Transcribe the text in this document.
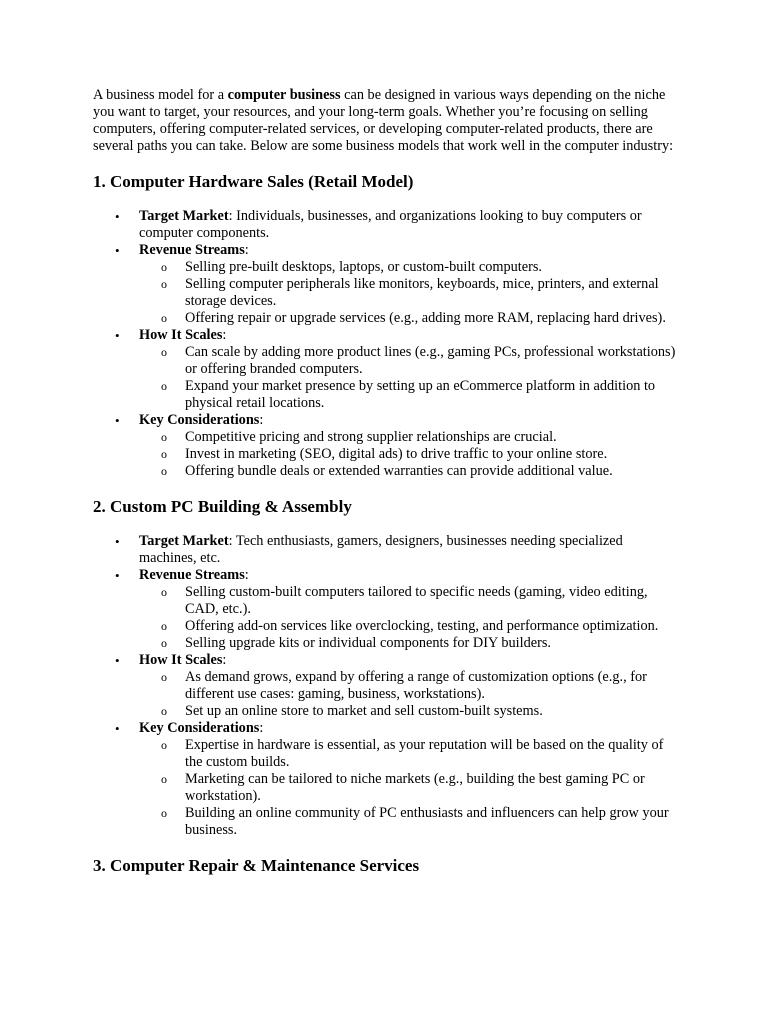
A business model for a computer business can be designed in various ways depending on the niche you want to target, your resources, and your long-term goals. Whether you’re focusing on selling computers, offering computer-related services, or developing computer-related products, there are several paths you can take. Below are some business models that work well in the computer industry:

1. Computer Hardware Sales (Retail Model)
• Target Market: Individuals, businesses, and organizations looking to buy computers or computer components.
• Revenue Streams:
o Selling pre-built desktops, laptops, or custom-built computers.
o Selling computer peripherals like monitors, keyboards, mice, printers, and external storage devices.
o Offering repair or upgrade services (e.g., adding more RAM, replacing hard drives).
• How It Scales:
o Can scale by adding more product lines (e.g., gaming PCs, professional workstations) or offering branded computers.
o Expand your market presence by setting up an eCommerce platform in addition to physical retail locations.
• Key Considerations:
o Competitive pricing and strong supplier relationships are crucial.
o Invest in marketing (SEO, digital ads) to drive traffic to your online store.
o Offering bundle deals or extended warranties can provide additional value.
2. Custom PC Building & Assembly
• Target Market: Tech enthusiasts, gamers, designers, businesses needing specialized machines, etc.
• Revenue Streams:
o Selling custom-built computers tailored to specific needs (gaming, video editing, CAD, etc.).
o Offering add-on services like overclocking, testing, and performance optimization.
o Selling upgrade kits or individual components for DIY builders.
• How It Scales:
o As demand grows, expand by offering a range of customization options (e.g., for different use cases: gaming, business, workstations).
o Set up an online store to market and sell custom-built systems.
• Key Considerations:
o Expertise in hardware is essential, as your reputation will be based on the quality of the custom builds.
o Marketing can be tailored to niche markets (e.g., building the best gaming PC or workstation).
o Building an online community of PC enthusiasts and influencers can help grow your business.
3. Computer Repair & Maintenance Services
